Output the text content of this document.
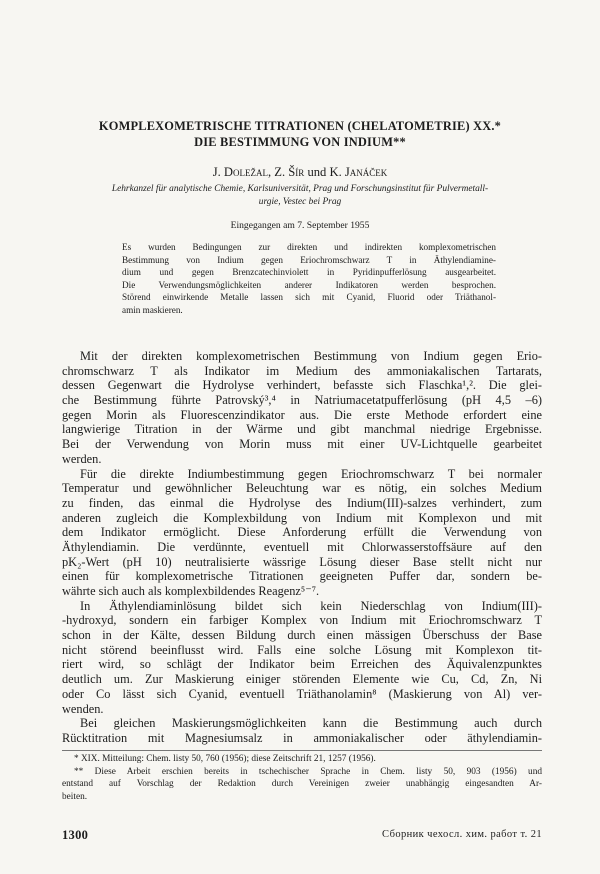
KOMPLEXOMETRISCHE TITRATIONEN (CHELATOMETRIE) XX.*
DIE BESTIMMUNG VON INDIUM**
J. Doležal, Z. Šír und K. Janáček
Lehrkanzel für analytische Chemie, Karlsuniversität, Prag und Forschungsinstitut für Pulvermetall-
urgie, Vestec bei Prag
Eingegangen am 7. September 1955
Es wurden Bedingungen zur direkten und indirekten komplexometrischen
Bestimmung von Indium gegen Eriochromschwarz T in Äthylendiamine-
dium und gegen Brenzcatechinviolett in Pyridinpufferlösung ausgearbeitet.
Die Verwendungsmöglichkeiten anderer Indikatoren werden besprochen.
Störend einwirkende Metalle lassen sich mit Cyanid, Fluorid oder Triäthanol-
amin maskieren.
Mit der direkten komplexometrischen Bestimmung von Indium gegen Erio-
chromschwarz T als Indikator im Medium des ammoniakalischen Tartarats,
dessen Gegenwart die Hydrolyse verhindert, befasste sich Flaschka¹,². Die glei-
che Bestimmung führte Patrovský³,⁴ in Natriumacetatpufferlösung (pH 4,5 –6)
gegen Morin als Fluorescenzindikator aus. Die erste Methode erfordert eine
langwierige Titration in der Wärme und gibt manchmal niedrige Ergebnisse.
Bei der Verwendung von Morin muss mit einer UV-Lichtquelle gearbeitet
werden.
Für die direkte Indiumbestimmung gegen Eriochromschwarz T bei normaler
Temperatur und gewöhnlicher Beleuchtung war es nötig, ein solches Medium
zu finden, das einmal die Hydrolyse des Indium(III)-salzes verhindert, zum
anderen zugleich die Komplexbildung von Indium mit Komplexon und mit
dem Indikator ermöglicht. Diese Anforderung erfüllt die Verwendung von
Äthylendiamin. Die verdünnte, eventuell mit Chlorwasserstoffsäure auf den
pK₂-Wert (pH 10) neutralisierte wässrige Lösung dieser Base stellt nicht nur
einen für komplexometrische Titrationen geeigneten Puffer dar, sondern be-
währte sich auch als komplexbildendes Reagenz⁵⁻⁷.
In Äthylendiaminlösung bildet sich kein Niederschlag von Indium(III)-
-hydroxyd, sondern ein farbiger Komplex von Indium mit Eriochromschwarz T
schon in der Kälte, dessen Bildung durch einen mässigen Überschuss der Base
nicht störend beeinflusst wird. Falls eine solche Lösung mit Komplexon tit-
riert wird, so schlägt der Indikator beim Erreichen des Äquivalenzpunktes
deutlich um. Zur Maskierung einiger störenden Elemente wie Cu, Cd, Zn, Ni
oder Co lässt sich Cyanid, eventuell Triäthanolamin⁸ (Maskierung von Al) ver-
wenden.
Bei gleichen Maskierungsmöglichkeiten kann die Bestimmung auch durch
Rücktitration mit Magnesiumsalz in ammoniakalischer oder äthylendiamin-
* XIX. Mitteilung: Chem. listy 50, 760 (1956); diese Zeitschrift 21, 1257 (1956).
** Diese Arbeit erschien bereits in tschechischer Sprache in Chem. listy 50, 903 (1956) und
entstand auf Vorschlag der Redaktion durch Vereinigen zweier unabhängig eingesandten Ar-
beiten.
1300	Сборник чехосл. хим. работ т. 21
